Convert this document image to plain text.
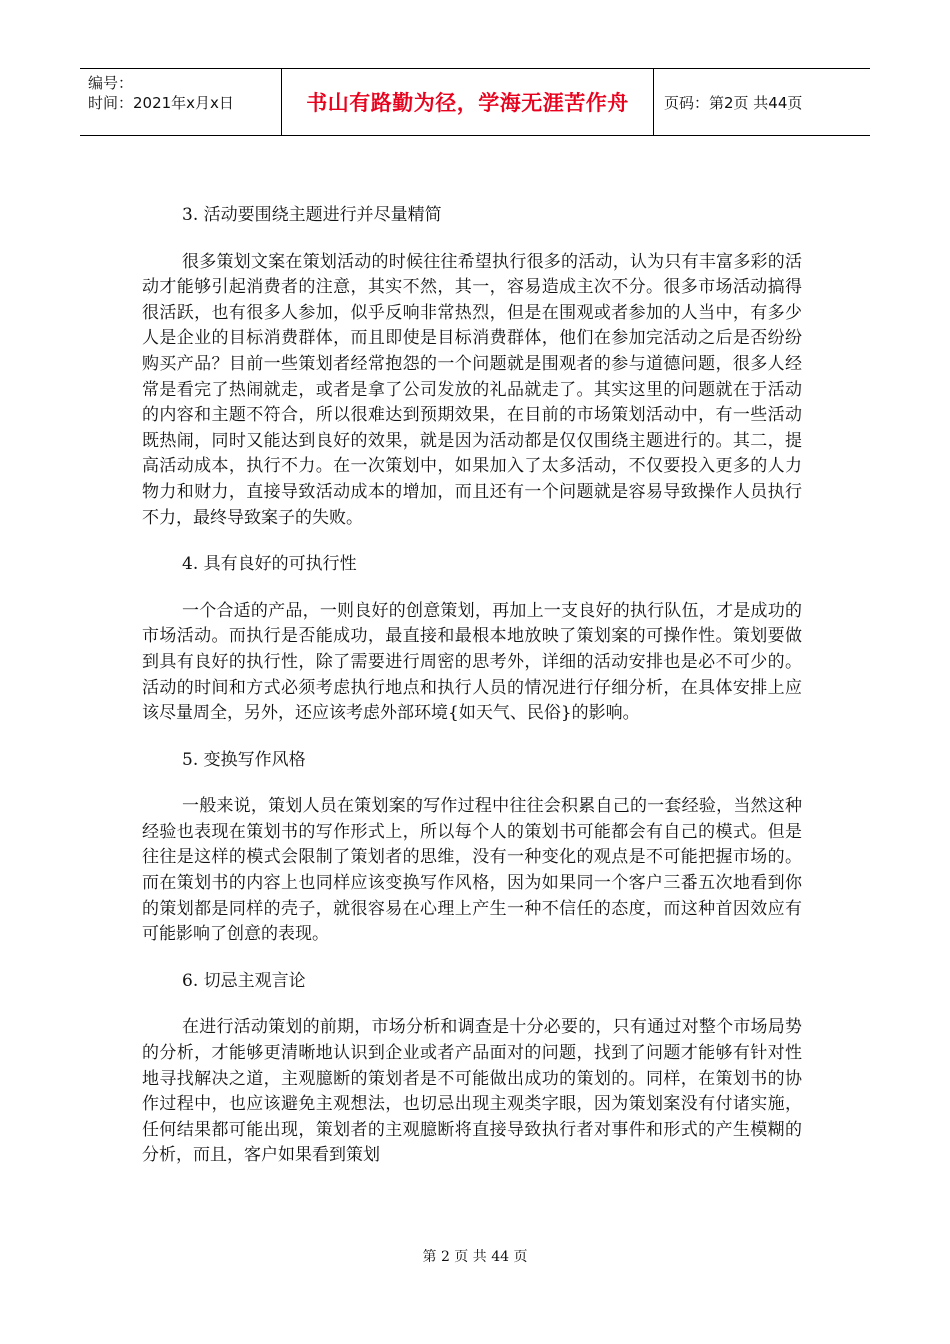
编号：
时间：2021年x月x日	书山有路勤为径，学海无涯苦作舟	页码：第2页 共44页

3. 活动要围绕主题进行并尽量精简

很多策划文案在策划活动的时候往往希望执行很多的活动，认为只有丰富多彩的活动才能够引起消费者的注意，其实不然，其一，容易造成主次不分。很多市场活动搞得很活跃，也有很多人参加，似乎反响非常热烈，但是在围观或者参加的人当中，有多少人是企业的目标消费群体，而且即使是目标消费群体，他们在参加完活动之后是否纷纷购买产品？目前一些策划者经常抱怨的一个问题就是围观者的参与道德问题，很多人经常是看完了热闹就走，或者是拿了公司发放的礼品就走了。其实这里的问题就在于活动的内容和主题不符合，所以很难达到预期效果，在目前的市场策划活动中，有一些活动既热闹，同时又能达到良好的效果，就是因为活动都是仅仅围绕主题进行的。其二，提高活动成本，执行不力。在一次策划中，如果加入了太多活动，不仅要投入更多的人力物力和财力，直接导致活动成本的增加，而且还有一个问题就是容易导致操作人员执行不力，最终导致案子的失败。

4. 具有良好的可执行性

一个合适的产品，一则良好的创意策划，再加上一支良好的执行队伍，才是成功的市场活动。而执行是否能成功，最直接和最根本地放映了策划案的可操作性。策划要做到具有良好的执行性，除了需要进行周密的思考外，详细的活动安排也是必不可少的。活动的时间和方式必须考虑执行地点和执行人员的情况进行仔细分析，在具体安排上应该尽量周全，另外，还应该考虑外部环境{如天气、民俗}的影响。

5. 变换写作风格

一般来说，策划人员在策划案的写作过程中往往会积累自己的一套经验，当然这种经验也表现在策划书的写作形式上，所以每个人的策划书可能都会有自己的模式。但是往往是这样的模式会限制了策划者的思维，没有一种变化的观点是不可能把握市场的。而在策划书的内容上也同样应该变换写作风格，因为如果同一个客户三番五次地看到你的策划都是同样的壳子，就很容易在心理上产生一种不信任的态度，而这种首因效应有可能影响了创意的表现。

6. 切忌主观言论

在进行活动策划的前期，市场分析和调查是十分必要的，只有通过对整个市场局势的分析，才能够更清晰地认识到企业或者产品面对的问题，找到了问题才能够有针对性地寻找解决之道，主观臆断的策划者是不可能做出成功的策划的。同样，在策划书的协作过程中，也应该避免主观想法，也切忌出现主观类字眼，因为策划案没有付诸实施，任何结果都可能出现，策划者的主观臆断将直接导致执行者对事件和形式的产生模糊的分析，而且，客户如果看到策划

第 2 页 共 44 页
